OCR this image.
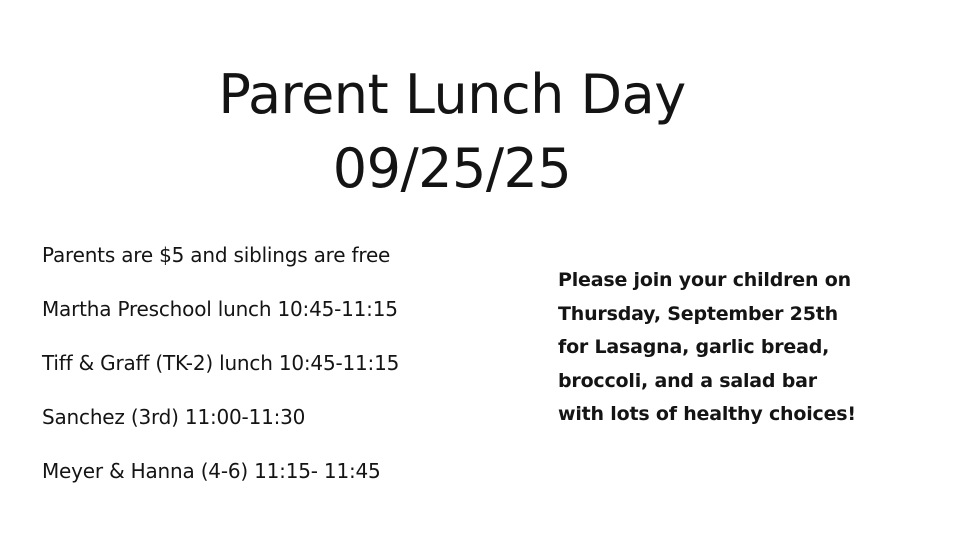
Parent Lunch Day
09/25/25
Parents are $5 and siblings are free
Martha Preschool lunch 10:45-11:15
Tiff & Graff (TK-2) lunch 10:45-11:15
Sanchez (3rd) 11:00-11:30
Meyer & Hanna (4-6) 11:15- 11:45

Please join your children on
Thursday, September 25th
for Lasagna, garlic bread,
broccoli, and a salad bar
with lots of healthy choices!
